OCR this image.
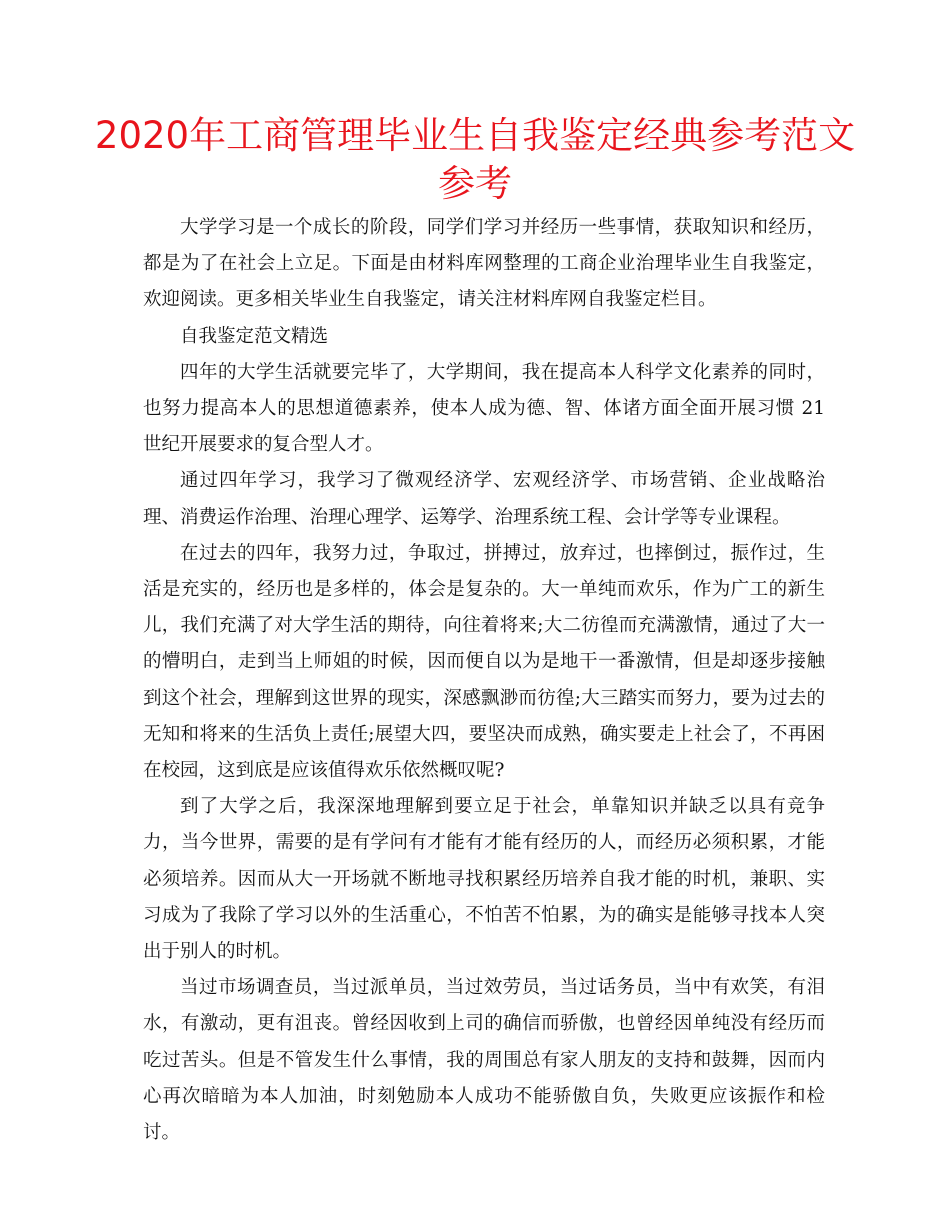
2020年工商管理毕业生自我鉴定经典参考范文参考

大学学习是一个成长的阶段，同学们学习并经历一些事情，获取知识和经历，都是为了在社会上立足。下面是由材料库网整理的工商企业治理毕业生自我鉴定，欢迎阅读。更多相关毕业生自我鉴定，请关注材料库网自我鉴定栏目。

自我鉴定范文精选

四年的大学生活就要完毕了，大学期间，我在提高本人科学文化素养的同时，也努力提高本人的思想道德素养，使本人成为德、智、体诸方面全面开展习惯 21 世纪开展要求的复合型人才。

通过四年学习，我学习了微观经济学、宏观经济学、市场营销、企业战略治理、消费运作治理、治理心理学、运筹学、治理系统工程、会计学等专业课程。

在过去的四年，我努力过，争取过，拼搏过，放弃过，也摔倒过，振作过，生活是充实的，经历也是多样的，体会是复杂的。大一单纯而欢乐，作为广工的新生儿，我们充满了对大学生活的期待，向往着将来;大二彷徨而充满激情，通过了大一的懵明白，走到当上师姐的时候，因而便自以为是地干一番激情，但是却逐步接触到这个社会，理解到这世界的现实，深感飘渺而彷徨;大三踏实而努力，要为过去的无知和将来的生活负上责任;展望大四，要坚决而成熟，确实要走上社会了，不再困在校园，这到底是应该值得欢乐依然概叹呢?

到了大学之后，我深深地理解到要立足于社会，单靠知识并缺乏以具有竞争力，当今世界，需要的是有学问有才能有才能有经历的人，而经历必须积累，才能必须培养。因而从大一开场就不断地寻找积累经历培养自我才能的时机，兼职、实习成为了我除了学习以外的生活重心，不怕苦不怕累，为的确实是能够寻找本人突出于别人的时机。

当过市场调查员，当过派单员，当过效劳员，当过话务员，当中有欢笑，有泪水，有激动，更有沮丧。曾经因收到上司的确信而骄傲，也曾经因单纯没有经历而吃过苦头。但是不管发生什么事情，我的周围总有家人朋友的支持和鼓舞，因而内心再次暗暗为本人加油，时刻勉励本人成功不能骄傲自负，失败更应该振作和检讨。
